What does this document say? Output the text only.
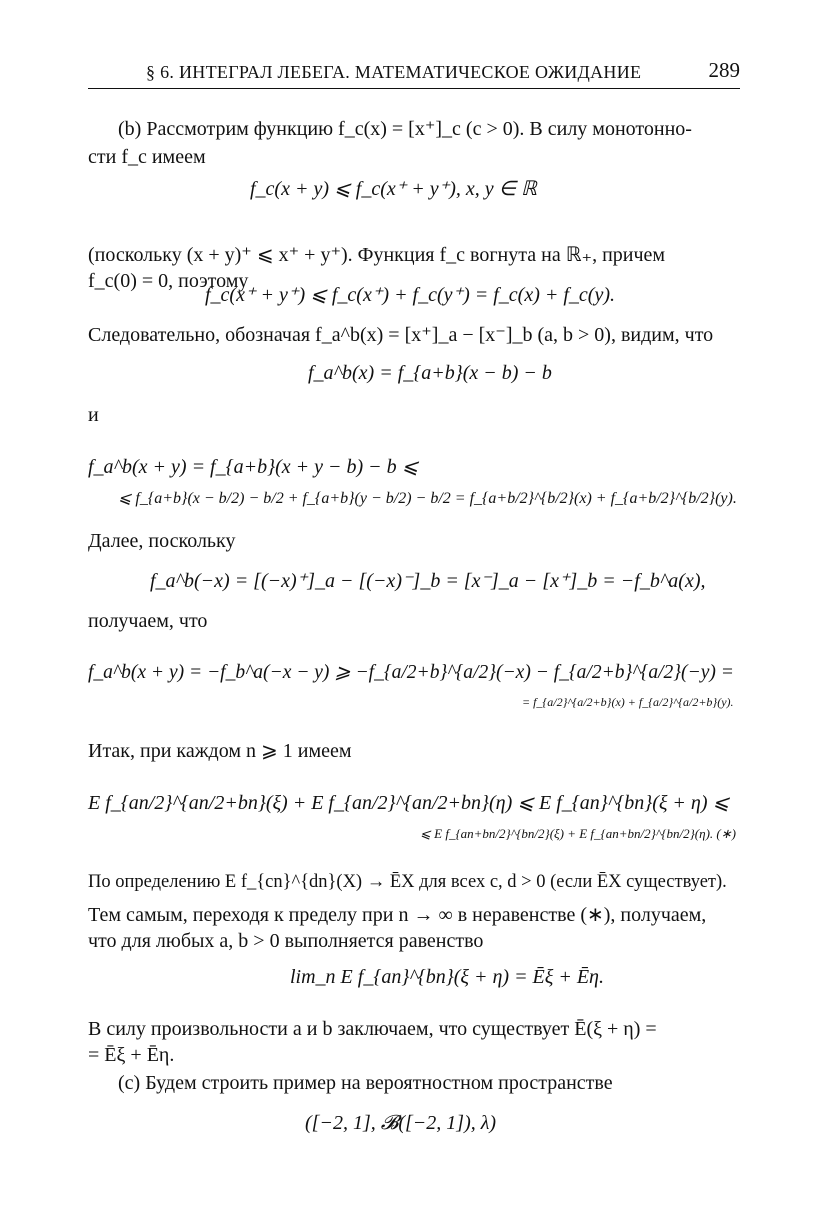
§ 6. ИНТЕГРАЛ ЛЕБЕГА. МАТЕМАТИЧЕСКОЕ ОЖИДАНИЕ	289
(b) Рассмотрим функцию f_c(x) = [x⁺]_c (c > 0). В силу монотонно-
сти f_c имеем
f_c(x + y) ⩽ f_c(x⁺ + y⁺), x, y ∈ ℝ
(поскольку (x + y)⁺ ⩽ x⁺ + y⁺). Функция f_c вогнута на ℝ₊, причем
f_c(0) = 0, поэтому
f_c(x⁺ + y⁺) ⩽ f_c(x⁺) + f_c(y⁺) = f_c(x) + f_c(y).
Следовательно, обозначая f_a^b(x) = [x⁺]_a − [x⁻]_b (a, b > 0), видим, что
f_a^b(x) = f_{a+b}(x − b) − b
и
f_a^b(x + y) = f_{a+b}(x + y − b) − b ⩽
⩽ f_{a+b}(x − b/2) − b/2 + f_{a+b}(y − b/2) − b/2 = f_{a+b/2}^{b/2}(x) + f_{a+b/2}^{b/2}(y).
Далее, поскольку
f_a^b(−x) = [(−x)⁺]_a − [(−x)⁻]_b = [x⁻]_a − [x⁺]_b = −f_b^a(x),
получаем, что
f_a^b(x + y) = −f_b^a(−x − y) ⩾ −f_{a/2+b}^{a/2}(−x) − f_{a/2+b}^{a/2}(−y) =
= f_{a/2}^{a/2+b}(x) + f_{a/2}^{a/2+b}(y).
Итак, при каждом n ⩾ 1 имеем
E f_{an/2}^{an/2+bn}(ξ) + E f_{an/2}^{an/2+bn}(η) ⩽ E f_{an}^{bn}(ξ + η) ⩽
⩽ E f_{an+bn/2}^{bn/2}(ξ) + E f_{an+bn/2}^{bn/2}(η). (∗)
По определению E f_{cn}^{dn}(X) → ĒX для всех c, d > 0 (если ĒX существует).
Тем самым, переходя к пределу при n → ∞ в неравенстве (∗), получаем,
что для любых a, b > 0 выполняется равенство
lim_n E f_{an}^{bn}(ξ + η) = Ēξ + Ēη.
В силу произвольности a и b заключаем, что существует Ē(ξ + η) =
= Ēξ + Ēη.
(c) Будем строить пример на вероятностном пространстве
([−2, 1], 𝓑([−2, 1]), λ)
